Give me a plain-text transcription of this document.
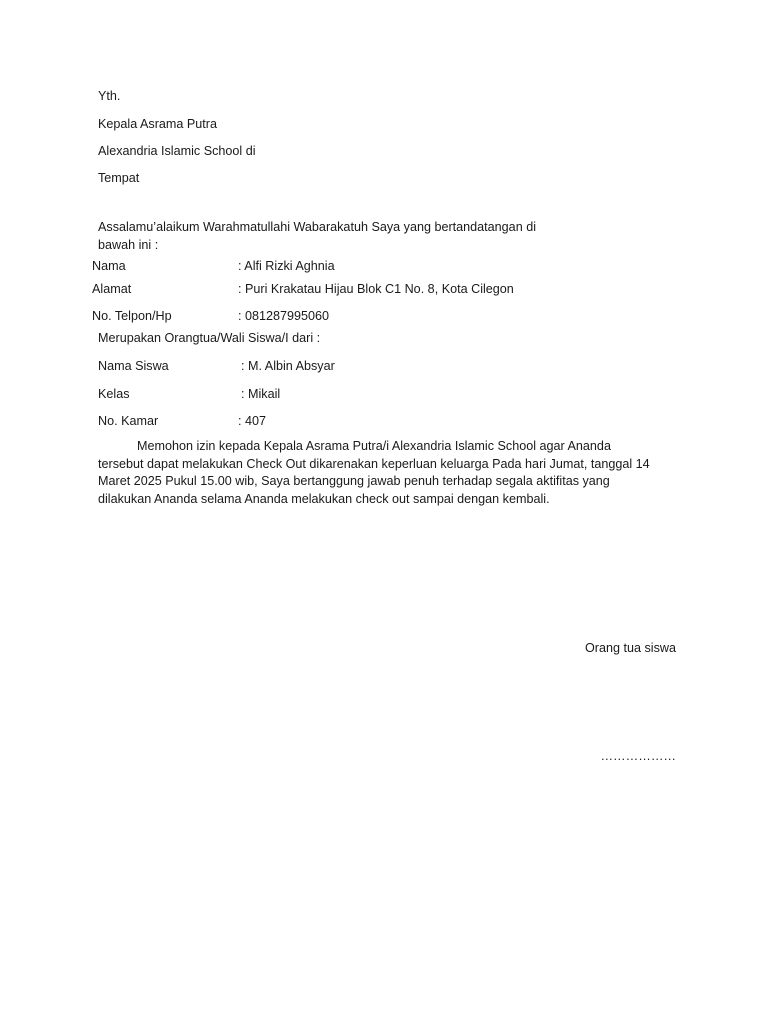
Yth.
Kepala Asrama Putra
Alexandria Islamic School di
Tempat
Assalamu’alaikum Warahmatullahi Wabarakatuh Saya yang bertandatangan di bawah ini :
Nama	: Alfi Rizki Aghnia
Alamat	: Puri Krakatau Hijau Blok C1 No. 8, Kota Cilegon
No. Telpon/Hp	: 081287995060
Merupakan Orangtua/Wali Siswa/I dari :
Nama Siswa	: M. Albin Absyar
Kelas	: Mikail
No. Kamar	: 407
Memohon izin kepada Kepala Asrama Putra/i Alexandria Islamic School agar Ananda tersebut dapat melakukan Check Out dikarenakan keperluan keluarga Pada hari Jumat, tanggal 14 Maret 2025 Pukul 15.00 wib, Saya bertanggung jawab penuh terhadap segala aktifitas yang dilakukan Ananda selama Ananda melakukan check out sampai dengan kembali.
Orang tua siswa
………………
